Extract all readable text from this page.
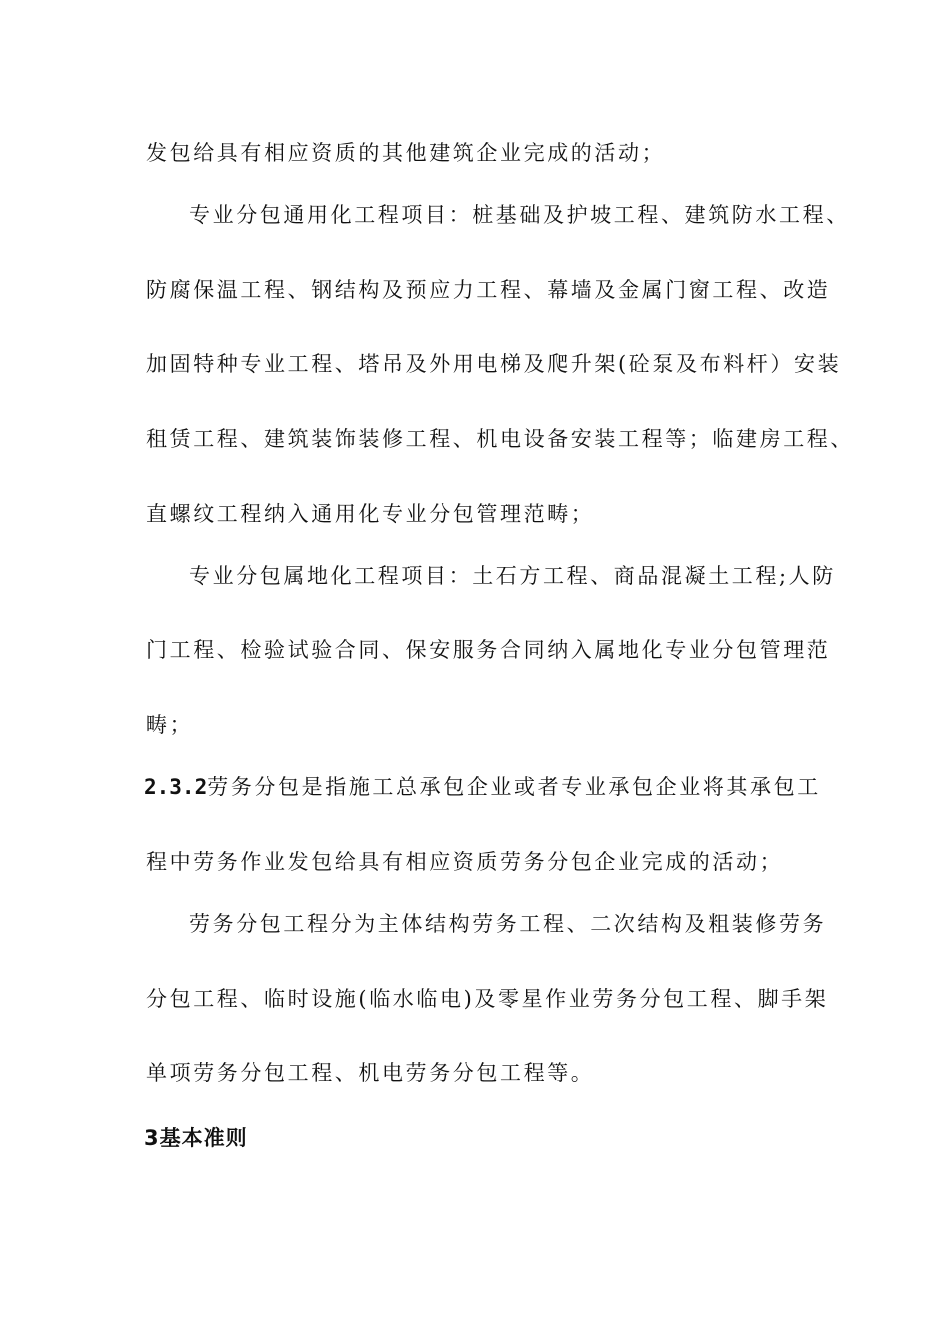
发包给具有相应资质的其他建筑企业完成的活动；
专业分包通用化工程项目：桩基础及护坡工程、建筑防水工程、
防腐保温工程、钢结构及预应力工程、幕墙及金属门窗工程、改造
加固特种专业工程、塔吊及外用电梯及爬升架(砼泵及布料杆）安装
租赁工程、建筑装饰装修工程、机电设备安装工程等；临建房工程、
直螺纹工程纳入通用化专业分包管理范畴；
专业分包属地化工程项目：土石方工程、商品混凝土工程;人防
门工程、检验试验合同、保安服务合同纳入属地化专业分包管理范
畴；
2.3.2劳务分包是指施工总承包企业或者专业承包企业将其承包工
程中劳务作业发包给具有相应资质劳务分包企业完成的活动；
劳务分包工程分为主体结构劳务工程、二次结构及粗装修劳务
分包工程、临时设施(临水临电)及零星作业劳务分包工程、脚手架
单项劳务分包工程、机电劳务分包工程等。
3基本准则
